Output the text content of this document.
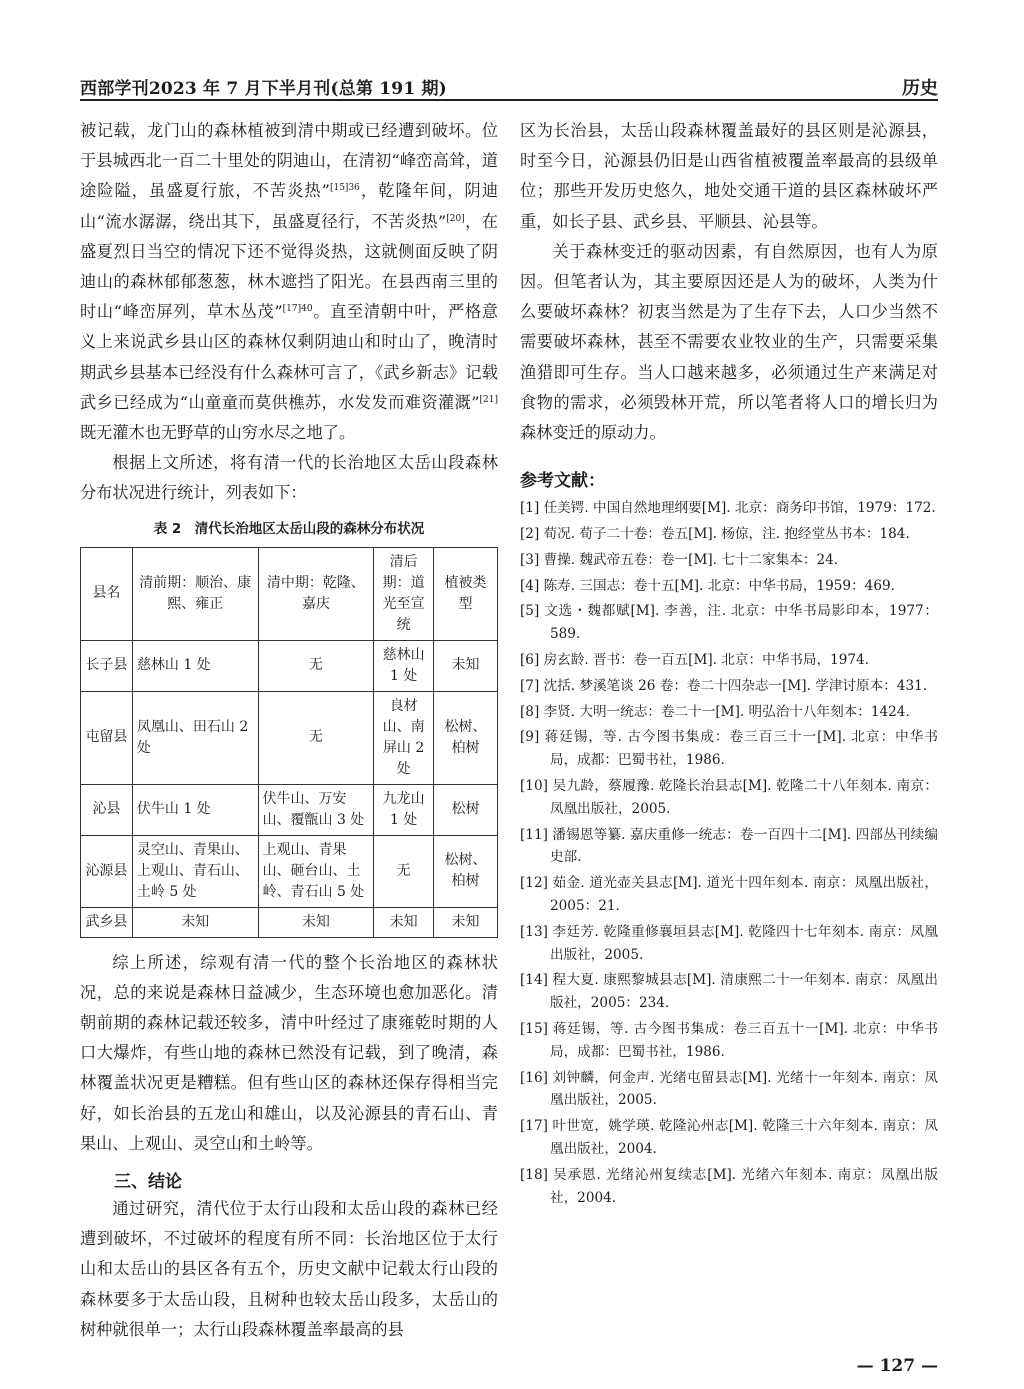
西部学刊2023 年 7 月下半月刊(总第 191 期)	历史

被记载，龙门山的森林植被到清中期或已经遭到破坏。位于县城西北一百二十里处的阴迪山，在清初“峰峦高耸，道途险隘，虽盛夏行旅，不苦炎热”$^{[15]36}$，乾隆年间，阴迪山“流水潺潺，绕出其下，虽盛夏径行，不苦炎热”[20]，在盛夏烈日当空的情况下还不觉得炎热，这就侧面反映了阴迪山的森林郁郁葱葱，林木遮挡了阳光。在县西南三里的时山“峰峦屏列，草木丛茂”$^{[17]40}$。直至清朝中叶，严格意义上来说武乡县山区的森林仅剩阴迪山和时山了，晚清时期武乡县基本已经没有什么森林可言了，《武乡新志》记载武乡已经成为“山童童而莫供樵苏，水发发而难资灌溉”[21]既无灌木也无野草的山穷水尽之地了。

根据上文所述，将有清一代的长治地区太岳山段森林分布状况进行统计，列表如下：

表 2　清代长治地区太岳山段的森林分布状况
县名	清前期：顺治、康熙、雍正	清中期：乾隆、嘉庆	清后期：道光至宣统	植被类型
长子县	慈林山 1 处	无	慈林山 1 处	未知
屯留县	凤凰山、田石山 2 处	无	良材山、南屏山 2 处	松树、柏树
沁县	伏牛山 1 处	伏牛山、万安山、覆甑山 3 处	九龙山 1 处	松树
沁源县	灵空山、青果山、上观山、青石山、土岭 5 处	上观山、青果山、砸台山、土岭、青石山 5 处	无	松树、柏树
武乡县	未知	未知	未知	未知

综上所述，综观有清一代的整个长治地区的森林状况，总的来说是森林日益减少，生态环境也愈加恶化。清朝前期的森林记载还较多，清中叶经过了康雍乾时期的人口大爆炸，有些山地的森林已然没有记载，到了晚清，森林覆盖状况更是糟糕。但有些山区的森林还保存得相当完好，如长治县的五龙山和雄山，以及沁源县的青石山、青果山、上观山、灵空山和土岭等。

三、结论

通过研究，清代位于太行山段和太岳山段的森林已经遭到破坏，不过破坏的程度有所不同：长治地区位于太行山和太岳山的县区各有五个，历史文献中记载太行山段的森林要多于太岳山段，且树种也较太岳山段多，太岳山的树种就很单一；太行山段森林覆盖率最高的县

区为长治县，太岳山段森林覆盖最好的县区则是沁源县，时至今日，沁源县仍旧是山西省植被覆盖率最高的县级单位；那些开发历史悠久，地处交通干道的县区森林破坏严重，如长子县、武乡县、平顺县、沁县等。

关于森林变迁的驱动因素，有自然原因，也有人为原因。但笔者认为，其主要原因还是人为的破坏，人类为什么要破坏森林？初衷当然是为了生存下去，人口少当然不需要破坏森林，甚至不需要农业牧业的生产，只需要采集渔猎即可生存。当人口越来越多，必须通过生产来满足对食物的需求，必须毁林开荒，所以笔者将人口的增长归为森林变迁的原动力。

参考文献：

[1] 任美锷. 中国自然地理纲要[M]. 北京：商务印书馆，1979：172.

[2] 荀况. 荀子二十卷：卷五[M]. 杨倞，注. 抱经堂丛书本：184.

[3] 曹操. 魏武帝五卷：卷一[M]. 七十二家集本：24.

[4] 陈寿. 三国志：卷十五[M]. 北京：中华书局，1959：469.

[5] 文选・魏都赋[M]. 李善，注. 北京：中华书局影印本，1977：589.

[6] 房玄龄. 晋书：卷一百五[M]. 北京：中华书局，1974.

[7] 沈括. 梦溪笔谈 26 卷：卷二十四杂志一[M]. 学津讨原本：431.

[8] 李贤. 大明一统志：卷二十一[M]. 明弘治十八年刻本：1424.

[9] 蒋廷锡，等. 古今图书集成：卷三百三十一[M]. 北京：中华书局，成都：巴蜀书社，1986.

[10] 吴九龄，蔡履豫. 乾隆长治县志[M]. 乾隆二十八年刻本. 南京：凤凰出版社，2005.

[11] 潘锡恩等纂. 嘉庆重修一统志：卷一百四十二[M]. 四部丛刊续编史部.

[12] 茹金. 道光壶关县志[M]. 道光十四年刻本. 南京：凤凰出版社，2005：21.

[13] 李廷芳. 乾隆重修襄垣县志[M]. 乾隆四十七年刻本. 南京：凤凰出版社，2005.

[14] 程大夏. 康熙黎城县志[M]. 清康熙二十一年刻本. 南京：凤凰出版社，2005：234.

[15] 蒋廷锡，等. 古今图书集成：卷三百五十一[M]. 北京：中华书局，成都：巴蜀书社，1986.

[16] 刘钟麟，何金声. 光绪屯留县志[M]. 光绪十一年刻本. 南京：凤凰出版社，2005.

[17] 叶世宽，姚学瑛. 乾隆沁州志[M]. 乾隆三十六年刻本. 南京：凤凰出版社，2004.

[18] 吴承恩. 光绪沁州复续志[M]. 光绪六年刻本. 南京：凤凰出版社，2004.

— 127 —
